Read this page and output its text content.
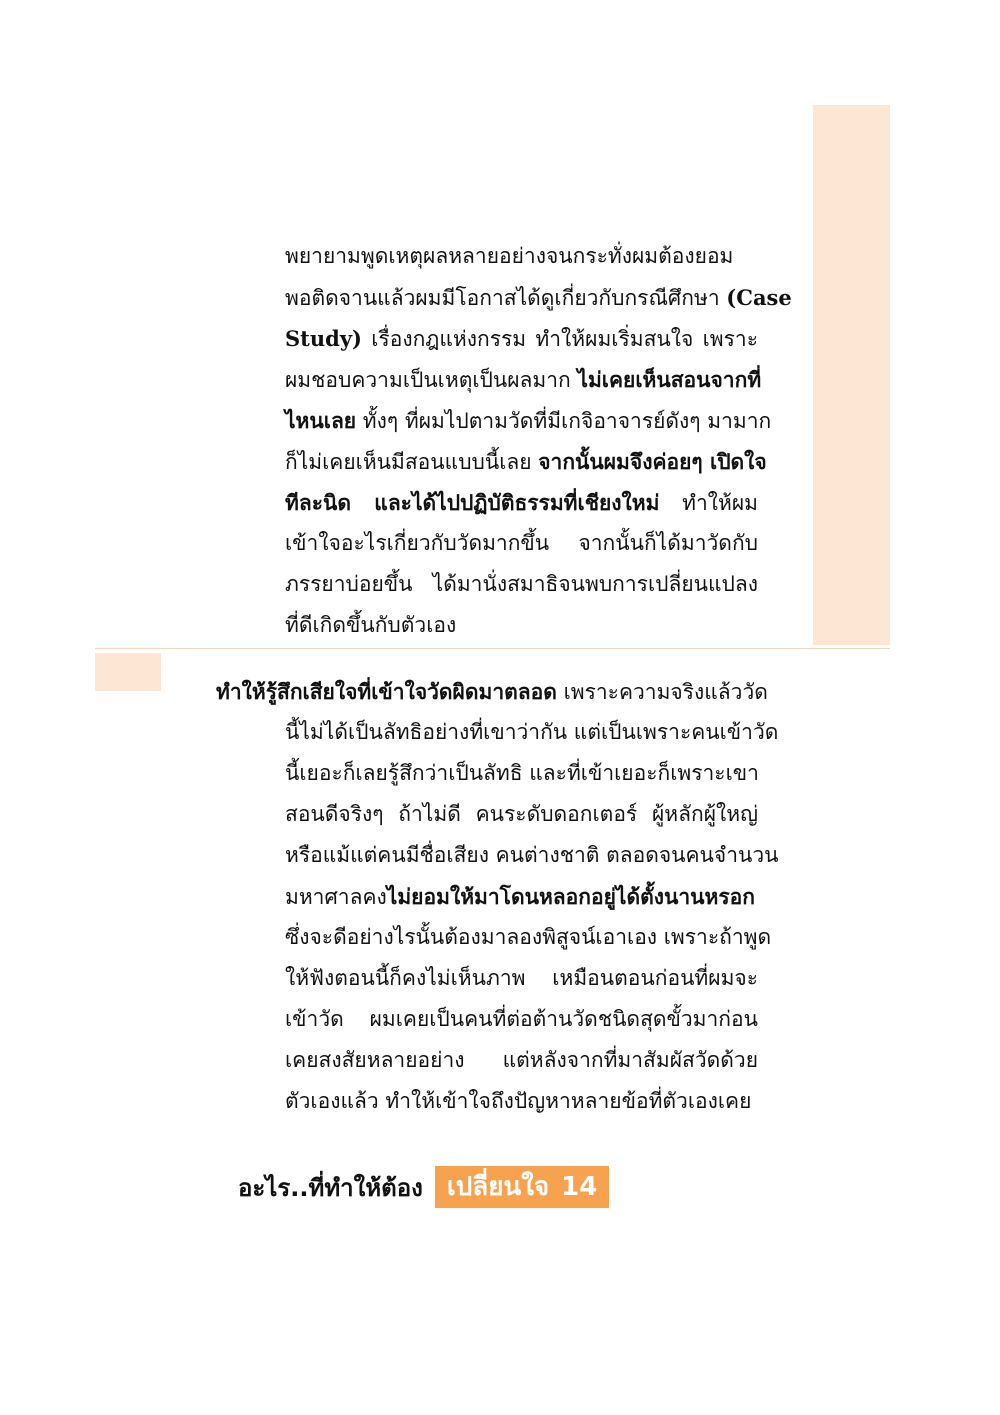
พยายามพูดเหตุผลหลายอย่างจนกระทั่งผมต้องยอม
พอติดจานแล้วผมมีโอกาสได้ดูเกี่ยวกับกรณีศึกษา (Case
Study) เรื่องกฎแห่งกรรม ทำให้ผมเริ่มสนใจ เพราะ
ผมชอบความเป็นเหตุเป็นผลมาก ไม่เคยเห็นสอนจากที่
ไหนเลย ทั้งๆ ที่ผมไปตามวัดที่มีเกจิอาจารย์ดังๆ มามาก
ก็ไม่เคยเห็นมีสอนแบบนี้เลย จากนั้นผมจึงค่อยๆ เปิดใจ
ทีละนิด และได้ไปปฏิบัติธรรมที่เชียงใหม่ ทำให้ผม
เข้าใจอะไรเกี่ยวกับวัดมากขึ้น จากนั้นก็ได้มาวัดกับ
ภรรยาบ่อยขึ้น ได้มานั่งสมาธิจนพบการเปลี่ยนแปลง
ที่ดีเกิดขึ้นกับตัวเอง
ทำให้รู้สึกเสียใจที่เข้าใจวัดผิดมาตลอด เพราะความจริงแล้ววัด
นี้ไม่ได้เป็นลัทธิอย่างที่เขาว่ากัน แต่เป็นเพราะคนเข้าวัด
นี้เยอะก็เลยรู้สึกว่าเป็นลัทธิ และที่เข้าเยอะก็เพราะเขา
สอนดีจริงๆ ถ้าไม่ดี คนระดับดอกเตอร์ ผู้หลักผู้ใหญ่
หรือแม้แต่คนมีชื่อเสียง คนต่างชาติ ตลอดจนคนจำนวน
มหาศาลคงไม่ยอมให้มาโดนหลอกอยู่ได้ตั้งนานหรอก
ซึ่งจะดีอย่างไรนั้นต้องมาลองพิสูจน์เอาเอง เพราะถ้าพูด
ให้ฟังตอนนี้ก็คงไม่เห็นภาพ เหมือนตอนก่อนที่ผมจะ
เข้าวัด ผมเคยเป็นคนที่ต่อต้านวัดชนิดสุดขั้วมาก่อน
เคยสงสัยหลายอย่าง แต่หลังจากที่มาสัมผัสวัดด้วย
ตัวเองแล้ว ทำให้เข้าใจถึงปัญหาหลายข้อที่ตัวเองเคย
อะไร..ที่ทำให้ต้อง เปลี่ยนใจ 14
